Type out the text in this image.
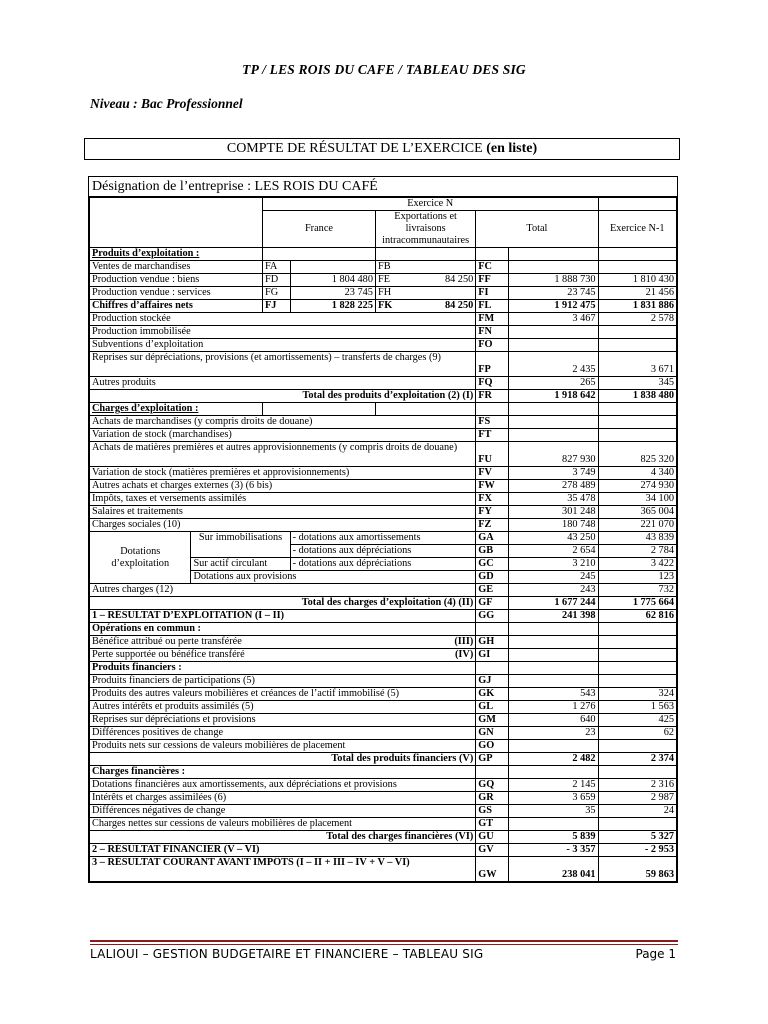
TP / LES ROIS DU CAFE / TABLEAU DES SIG
Niveau : Bac Professionnel
COMPTE DE RÉSULTAT DE L’EXERCICE (en liste)
Désignation de l’entreprise : LES ROIS DU CAFÉ
		Exercice N						
		France		Exportations et livraisons intracommunautaires		Total		Exercice N-1
Produits d’exploitation :								
Ventes de marchandises		FA		FB		FC		
Production vendue : biens		FD	1 804 480	FE	84 250	FF	1 888 730	1 810 430
Production vendue : services		FG	23 745	FH		FI	23 745	21 456
Chiffres d’affaires nets		FJ	1 828 225	FK	84 250	FL	1 912 475	1 831 886
Production stockée						FM	3 467	2 578
Production immobilisée						FN		
Subventions d’exploitation						FO		
Reprises sur dépréciations, provisions (et amortissements) – transferts de charges (9)						FP	2 435	3 671
Autres produits						FQ	265	345
Total des produits d’exploitation (2) (I)						FR	1 918 642	1 838 480
Charges d’exploitation :								
Achats de marchandises (y compris droits de douane)						FS		
Variation de stock (marchandises)						FT		
Achats de matières premières et autres approvisionnements (y compris droits de douane)						FU	827 930	825 320
Variation de stock (matières premières et approvisionnements)						FV	3 749	4 340
Autres achats et charges externes (3) (6 bis)						FW	278 489	274 930
Impôts, taxes et versements assimilés						FX	35 478	34 100
Salaires et traitements						FY	301 248	365 004
Charges sociales (10)						FZ	180 748	221 070
Dotations d’exploitation	Sur immobilisations		- dotations aux amortissements			GA	43 250	43 839
			- dotations aux dépréciations			GB	2 654	2 784
	Sur actif circulant		- dotations aux dépréciations			GC	3 210	3 422
	Dotations aux provisions					GD	245	123
Autres charges (12)						GE	243	732
Total des charges d’exploitation (4) (II)						GF	1 677 244	1 775 664
1 – RÉSULTAT D’EXPLOITATION (I – II)						GG	241 398	62 816
Opérations en commun :								
Bénéfice attribué ou perte transférée (III)						GH		
Perte supportée ou bénéfice transféré (IV)						GI		
Produits financiers :								
Produits financiers de participations (5)						GJ		
Produits des autres valeurs mobilières et créances de l’actif immobilisé (5)						GK	543	324
Autres intérêts et produits assimilés (5)						GL	1 276	1 563
Reprises sur dépréciations et provisions						GM	640	425
Différences positives de change						GN	23	62
Produits nets sur cessions de valeurs mobilières de placement						GO		
Total des produits financiers (V)						GP	2 482	2 374
Charges financières :								
Dotations financières aux amortissements, aux dépréciations et provisions						GQ	2 145	2 316
Intérêts et charges assimilées (6)						GR	3 659	2 987
Différences négatives de change						GS	35	24
Charges nettes sur cessions de valeurs mobilières de placement						GT		
Total des charges financières (VI)						GU	5 839	5 327
2 – RÉSULTAT FINANCIER (V – VI)						GV	- 3 357	- 2 953
3 – RÉSULTAT COURANT AVANT IMPÔTS (I – II + III – IV + V – VI)						GW	238 041	59 863
LALIOUI – GESTION BUDGETAIRE ET FINANCIERE – TABLEAU SIG	Page 1
